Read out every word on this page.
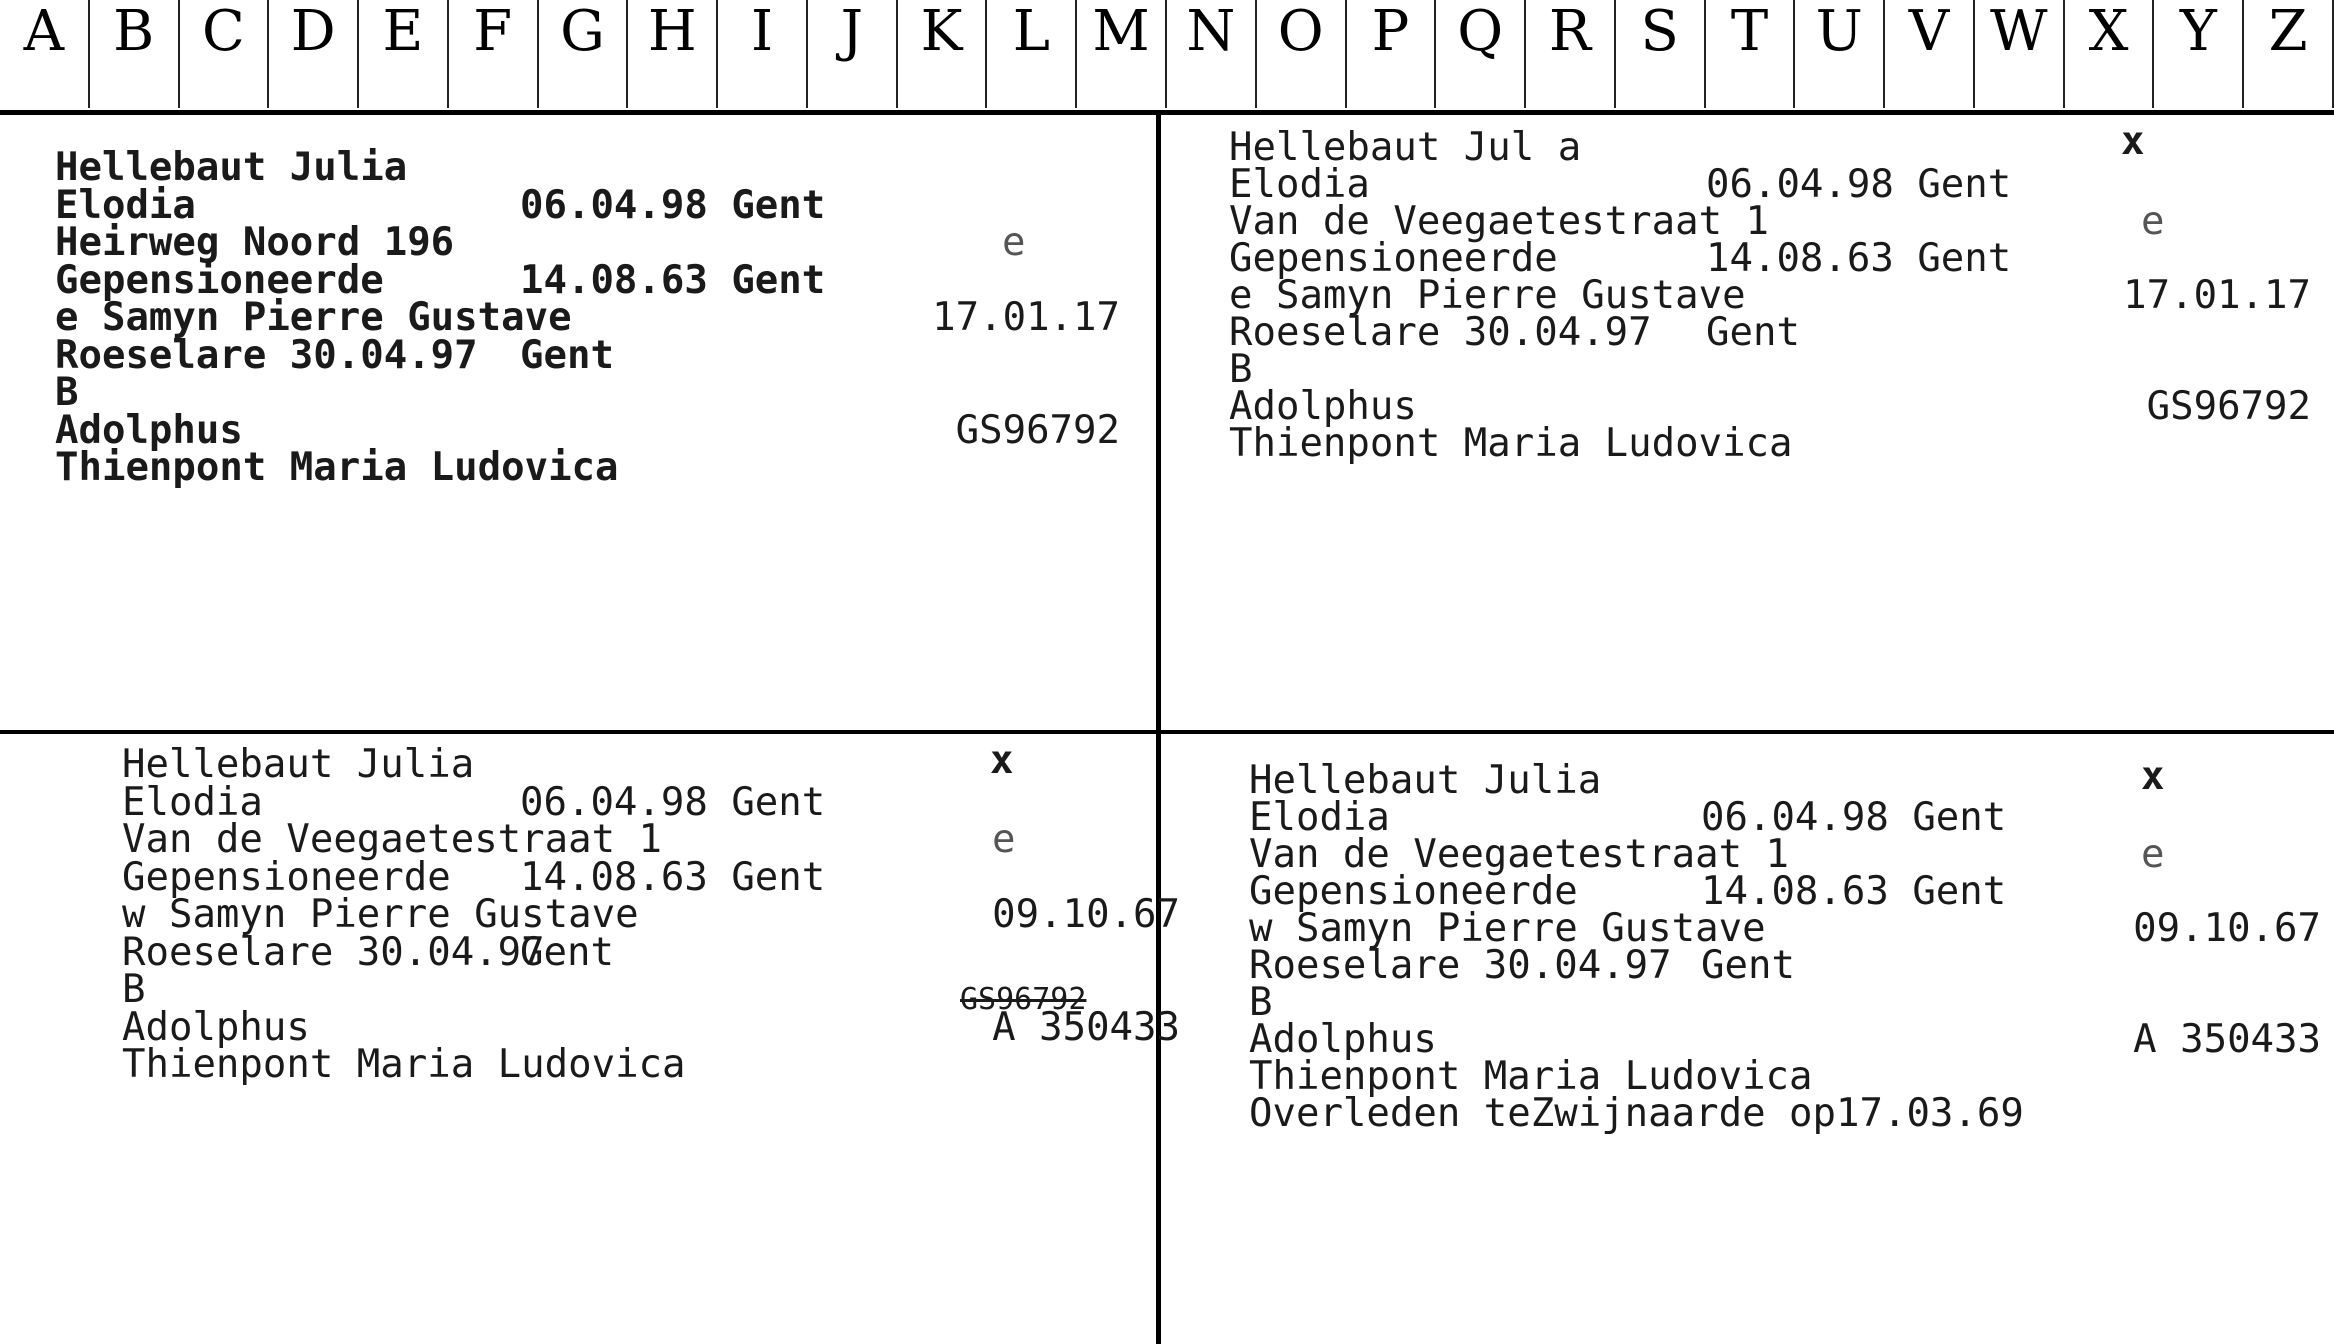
A B C D E F G H I	J	K L M N O P Q R S T U V W X Y Z
Hellebaut Julia
Elodia	06.04.98 Gent
Heirweg Noord 196	e
Gepensioneerde	14.08.63 Gent
e Samyn Pierre Gustave	17.01.17
Roeselare 30.04.97 Gent
B
Adolphus	GS96792
Thienpont Maria Ludovica
x
Hellebaut Jul a
Elodia	06.04.98 Gent
Van de Veegaetestraat 1	e
Gepensioneerde	14.08.63 Gent
e Samyn Pierre Gustave	17.01.17
Roeselare 30.04.97 Gent
B
Adolphus	GS96792
Thienpont Maria Ludovica
x
Hellebaut Julia
Elodia	06.04.98 Gent
Van de Veegaetestraat 1	e
Gepensioneerde 14.08.63 Gent
w Samyn Pierre Gustave	09.10.67
Roeselare 30.04.97
Gent
B
Adolphus
GS96792
A 350433
Thienpont Maria Ludovica
x
Hellebaut Julia
Elodia	06.04.98 Gent
Van de Veegaetestraat 1	e
Gepensioneerde	14.08.63 Gent
w Samyn Pierre Gustave	09.10.67
Roeselare 30.04.97 Gent
B
Adolphus	A 350433
Thienpont Maria Ludovica
Overleden teZwijnaarde op17.03.69
